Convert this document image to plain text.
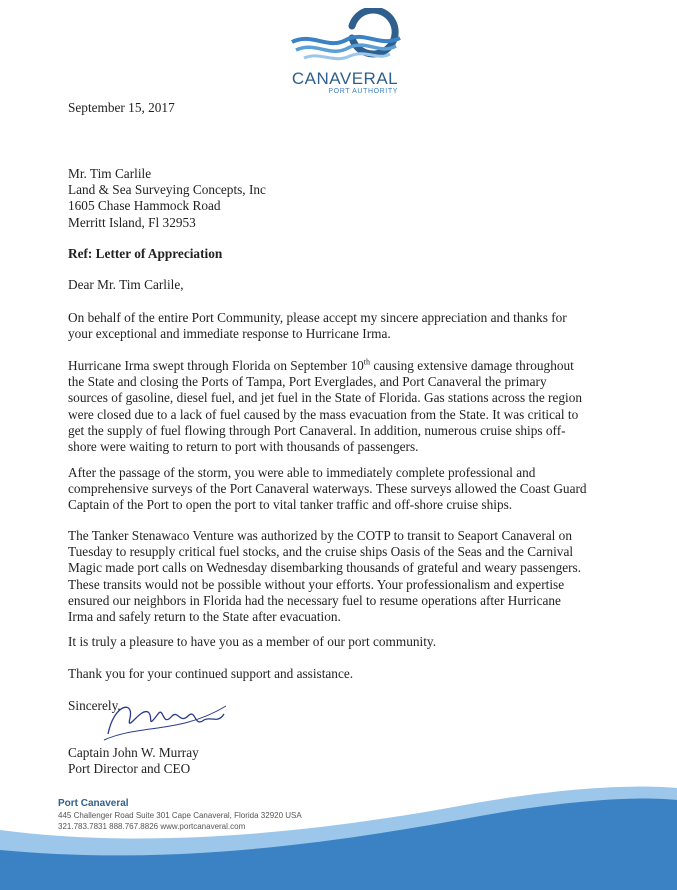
CANAVERAL
PORT AUTHORITY

September 15, 2017

Mr. Tim Carlile
Land & Sea Surveying Concepts, Inc
1605 Chase Hammock Road
Merritt Island, Fl 32953

Ref: Letter of Appreciation

Dear Mr. Tim Carlile,

On behalf of the entire Port Community, please accept my sincere appreciation and thanks for your exceptional and immediate response to Hurricane Irma.

Hurricane Irma swept through Florida on September 10th causing extensive damage throughout the State and closing the Ports of Tampa, Port Everglades, and Port Canaveral the primary sources of gasoline, diesel fuel, and jet fuel in the State of Florida. Gas stations across the region were closed due to a lack of fuel caused by the mass evacuation from the State. It was critical to get the supply of fuel flowing through Port Canaveral. In addition, numerous cruise ships off-shore were waiting to return to port with thousands of passengers.

After the passage of the storm, you were able to immediately complete professional and comprehensive surveys of the Port Canaveral waterways. These surveys allowed the Coast Guard Captain of the Port to open the port to vital tanker traffic and off-shore cruise ships.

The Tanker Stenawaco Venture was authorized by the COTP to transit to Seaport Canaveral on Tuesday to resupply critical fuel stocks, and the cruise ships Oasis of the Seas and the Carnival Magic made port calls on Wednesday disembarking thousands of grateful and weary passengers. These transits would not be possible without your efforts. Your professionalism and expertise ensured our neighbors in Florida had the necessary fuel to resume operations after Hurricane Irma and safely return to the State after evacuation.

It is truly a pleasure to have you as a member of our port community.

Thank you for your continued support and assistance.

Sincerely,

Captain John W. Murray

Port Director and CEO

Port Canaveral
445 Challenger Road Suite 301 Cape Canaveral, Florida 32920 USA
321.783.7831 888.767.8826 www.portcanaveral.com
